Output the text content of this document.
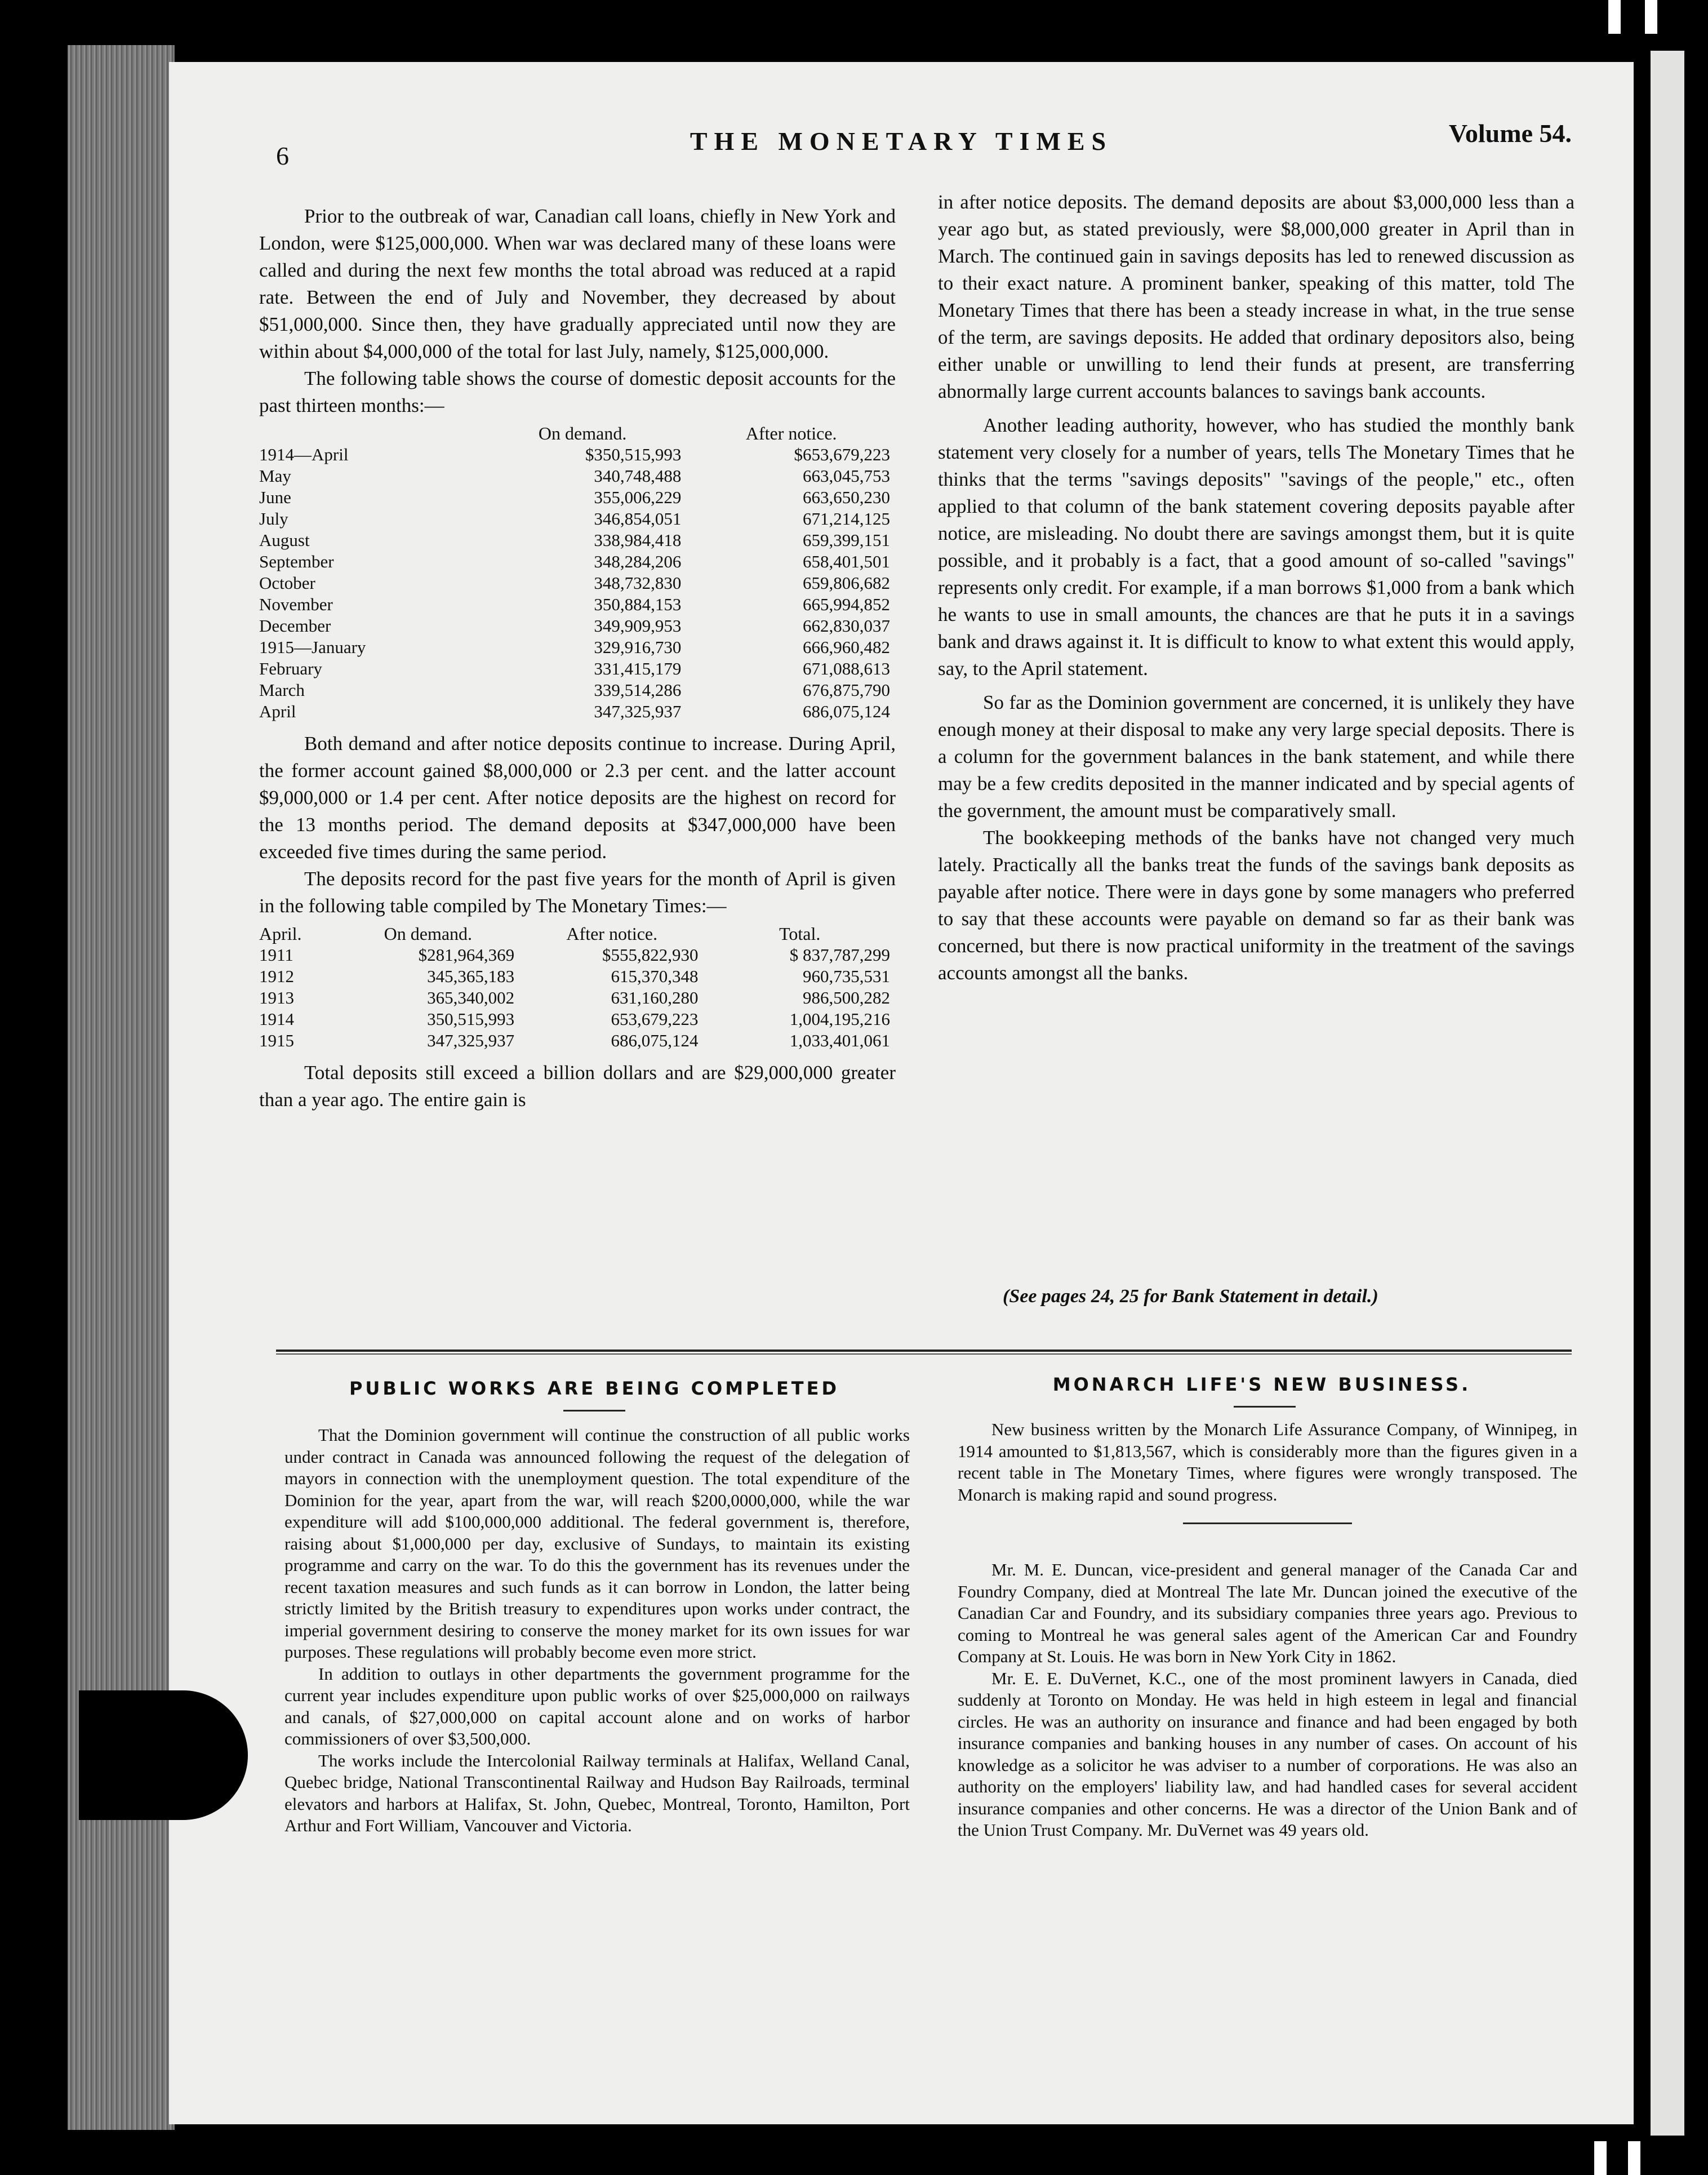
6
THE MONETARY TIMES	Volume 54.

Prior to the outbreak of war, Canadian call loans, chiefly in New York and London, were $125,000,000. When war was declared many of these loans were called and during the next few months the total abroad was reduced at a rapid rate. Between the end of July and November, they decreased by about $51,000,000. Since then, they have gradually appreciated until now they are within about $4,000,000 of the total for last July, namely, $125,000,000.

The following table shows the course of domestic deposit accounts for the past thirteen months:—

	On demand.	After notice.
1914—April	$350,515,993	$653,679,223
May	340,748,488	663,045,753
June	355,006,229	663,650,230
July	346,854,051	671,214,125
August	338,984,418	659,399,151
September	348,284,206	658,401,501
October	348,732,830	659,806,682
November	350,884,153	665,994,852
December	349,909,953	662,830,037
1915—January	329,916,730	666,960,482
February	331,415,179	671,088,613
March	339,514,286	676,875,790
April	347,325,937	686,075,124

Both demand and after notice deposits continue to increase. During April, the former account gained $8,000,000 or 2.3 per cent. and the latter account $9,000,000 or 1.4 per cent. After notice deposits are the highest on record for the 13 months period. The demand deposits at $347,000,000 have been exceeded five times during the same period.

The deposits record for the past five years for the month of April is given in the following table compiled by The Monetary Times:—

April.	On demand.	After notice.	Total.
1911	$281,964,369	$555,822,930	$ 837,787,299
1912	345,365,183	615,370,348	960,735,531
1913	365,340,002	631,160,280	986,500,282
1914	350,515,993	653,679,223	1,004,195,216
1915	347,325,937	686,075,124	1,033,401,061

Total deposits still exceed a billion dollars and are $29,000,000 greater than a year ago. The entire gain is

in after notice deposits. The demand deposits are about $3,000,000 less than a year ago but, as stated previously, were $8,000,000 greater in April than in March. The continued gain in savings deposits has led to renewed discussion as to their exact nature. A prominent banker, speaking of this matter, told The Monetary Times that there has been a steady increase in what, in the true sense of the term, are savings deposits. He added that ordinary depositors also, being either unable or unwilling to lend their funds at present, are transferring abnormally large current accounts balances to savings bank accounts.

Another leading authority, however, who has studied the monthly bank statement very closely for a number of years, tells The Monetary Times that he thinks that the terms "savings deposits" "savings of the people," etc., often applied to that column of the bank statement covering deposits payable after notice, are misleading. No doubt there are savings amongst them, but it is quite possible, and it probably is a fact, that a good amount of so-called "savings" represents only credit. For example, if a man borrows $1,000 from a bank which he wants to use in small amounts, the chances are that he puts it in a savings bank and draws against it. It is difficult to know to what extent this would apply, say, to the April statement.

So far as the Dominion government are concerned, it is unlikely they have enough money at their disposal to make any very large special deposits. There is a column for the government balances in the bank statement, and while there may be a few credits deposited in the manner indicated and by special agents of the government, the amount must be comparatively small.

The bookkeeping methods of the banks have not changed very much lately. Practically all the banks treat the funds of the savings bank deposits as payable after notice. There were in days gone by some managers who preferred to say that these accounts were payable on demand so far as their bank was concerned, but there is now practical uniformity in the treatment of the savings accounts amongst all the banks.

(See pages 24, 25 for Bank Statement in detail.)
PUBLIC WORKS ARE BEING COMPLETED

That the Dominion government will continue the construction of all public works under contract in Canada was announced following the request of the delegation of mayors in connection with the unemployment question. The total expenditure of the Dominion for the year, apart from the war, will reach $200,0000,000, while the war expenditure will add $100,000,000 additional. The federal government is, therefore, raising about $1,000,000 per day, exclusive of Sundays, to maintain its existing programme and carry on the war. To do this the government has its revenues under the recent taxation measures and such funds as it can borrow in London, the latter being strictly limited by the British treasury to expenditures upon works under contract, the imperial government desiring to conserve the money market for its own issues for war purposes. These regulations will probably become even more strict.

In addition to outlays in other departments the government programme for the current year includes expenditure upon public works of over $25,000,000 on railways and canals, of $27,000,000 on capital account alone and on works of harbor commissioners of over $3,500,000.

The works include the Intercolonial Railway terminals at Halifax, Welland Canal, Quebec bridge, National Transcontinental Railway and Hudson Bay Railroads, terminal elevators and harbors at Halifax, St. John, Quebec, Montreal, Toronto, Hamilton, Port Arthur and Fort William, Vancouver and Victoria.

MONARCH LIFE'S NEW BUSINESS.

New business written by the Monarch Life Assurance Company, of Winnipeg, in 1914 amounted to $1,813,567, which is considerably more than the figures given in a recent table in The Monetary Times, where figures were wrongly transposed. The Monarch is making rapid and sound progress.

Mr. M. E. Duncan, vice-president and general manager of the Canada Car and Foundry Company, died at Montreal The late Mr. Duncan joined the executive of the Canadian Car and Foundry, and its subsidiary companies three years ago. Previous to coming to Montreal he was general sales agent of the American Car and Foundry Company at St. Louis. He was born in New York City in 1862.

Mr. E. E. DuVernet, K.C., one of the most prominent lawyers in Canada, died suddenly at Toronto on Monday. He was held in high esteem in legal and financial circles. He was an authority on insurance and finance and had been engaged by both insurance companies and banking houses in any number of cases. On account of his knowledge as a solicitor he was adviser to a number of corporations. He was also an authority on the employers' liability law, and had handled cases for several accident insurance companies and other concerns. He was a director of the Union Bank and of the Union Trust Company. Mr. DuVernet was 49 years old.
